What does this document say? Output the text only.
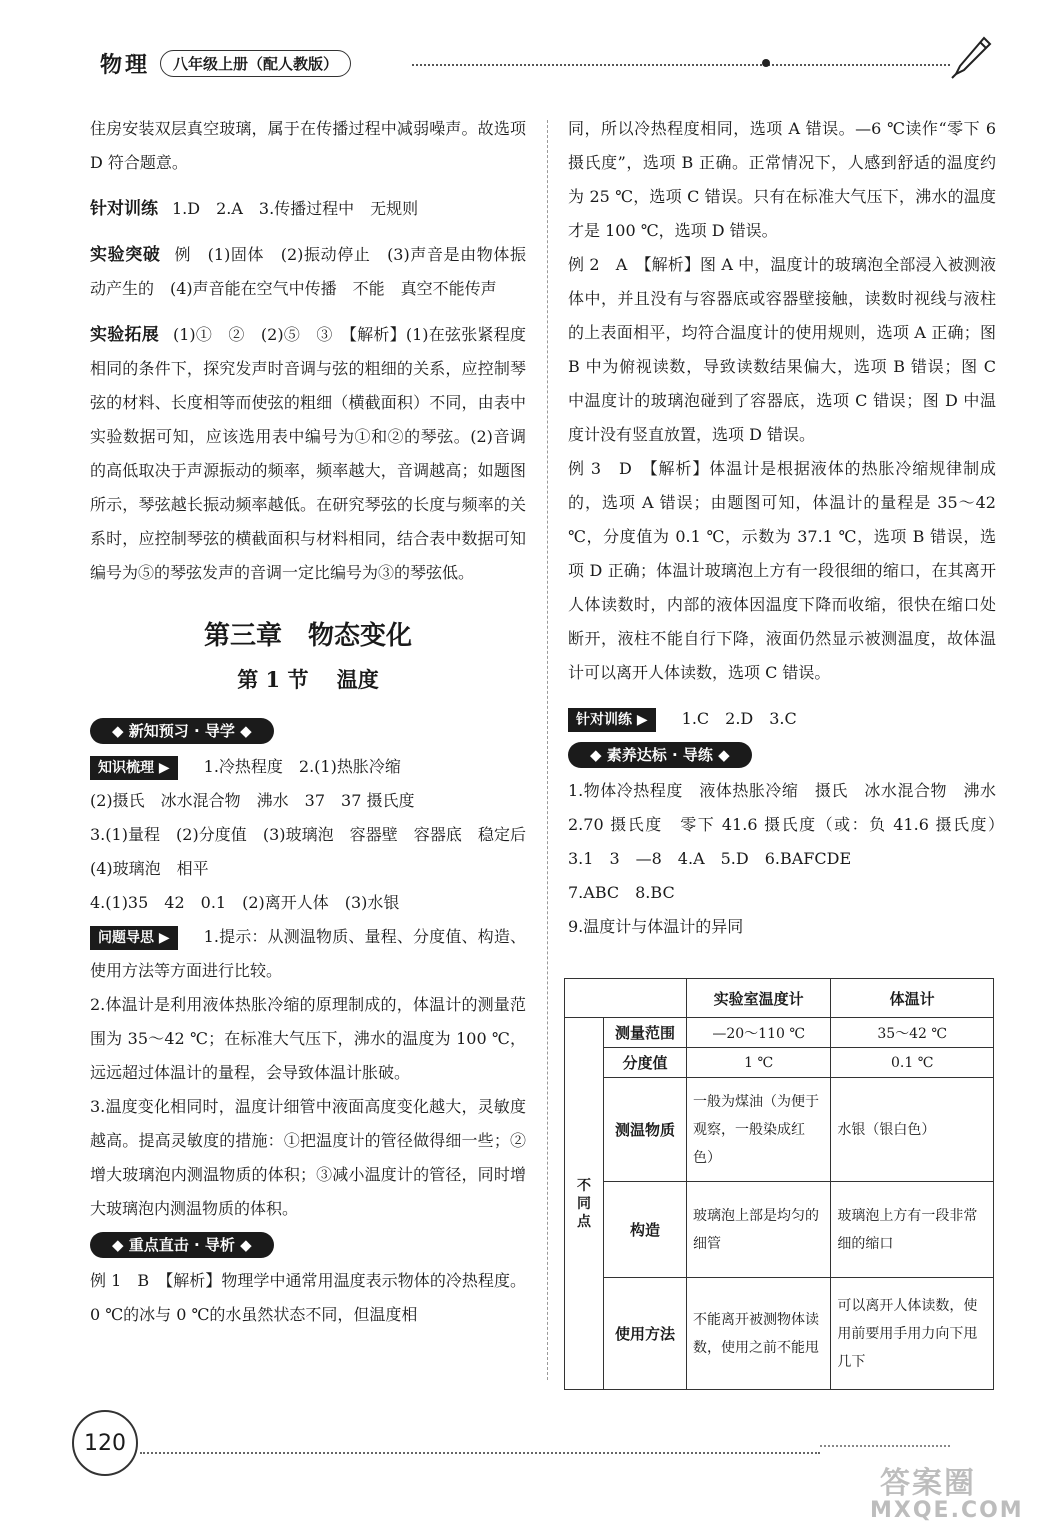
物理	八年级上册（配人教版）

住房安装双层真空玻璃，属于在传播过程中减弱噪声。故选项 D 符合题意。

针对训练 1.D　2.A　3.传播过程中　无规则

实验突破 例　(1)固体　(2)振动停止　(3)声音是由物体振动产生的　(4)声音能在空气中传播　不能　真空不能传声

实验拓展 (1)①　②　(2)⑤　③　【解析】(1)在弦张紧程度相同的条件下，探究发声时音调与弦的粗细的关系，应控制琴弦的材料、长度相等而使弦的粗细（横截面积）不同，由表中实验数据可知，应该选用表中编号为①和②的琴弦。(2)音调的高低取决于声源振动的频率，频率越大，音调越高；如题图所示，琴弦越长振动频率越低。在研究琴弦的长度与频率的关系时，应控制琴弦的横截面积与材料相同，结合表中数据可知编号为⑤的琴弦发声的音调一定比编号为③的琴弦低。

第三章　物态变化
第 1 节　 温度
◆ 新知预习 · 导学 ◆

知识梳理 ▶ 1.冷热程度　2.(1)热胀冷缩

(2)摄氏　冰水混合物　沸水　37　37 摄氏度

3.(1)量程　(2)分度值　(3)玻璃泡　容器壁　容器底　稳定后　(4)玻璃泡　相平

4.(1)35　42　0.1　(2)离开人体　(3)水银

问题导思 ▶ 1.提示：从测温物质、量程、分度值、构造、使用方法等方面进行比较。

2.体温计是利用液体热胀冷缩的原理制成的，体温计的测量范围为 35～42 ℃；在标准大气压下，沸水的温度为 100 ℃，远远超过体温计的量程，会导致体温计胀破。

3.温度变化相同时，温度计细管中液面高度变化越大，灵敏度越高。提高灵敏度的措施：①把温度计的管径做得细一些；②增大玻璃泡内测温物质的体积；③减小温度计的管径，同时增大玻璃泡内测温物质的体积。

◆ 重点直击 · 导析 ◆

例 1　B　【解析】物理学中通常用温度表示物体的冷热程度。0 ℃的冰与 0 ℃的水虽然状态不同，但温度相

同，所以冷热程度相同，选项 A 错误。—6 ℃读作“零下 6 摄氏度”，选项 B 正确。正常情况下，人感到舒适的温度约为 25 ℃，选项 C 错误。只有在标准大气压下，沸水的温度才是 100 ℃，选项 D 错误。

例 2　A　【解析】图 A 中，温度计的玻璃泡全部浸入被测液体中，并且没有与容器底或容器壁接触，读数时视线与液柱的上表面相平，均符合温度计的使用规则，选项 A 正确；图 B 中为俯视读数，导致读数结果偏大，选项 B 错误；图 C 中温度计的玻璃泡碰到了容器底，选项 C 错误；图 D 中温度计没有竖直放置，选项 D 错误。

例 3　D　【解析】体温计是根据液体的热胀冷缩规律制成的，选项 A 错误；由题图可知，体温计的量程是 35～42 ℃，分度值为 0.1 ℃，示数为 37.1 ℃，选项 B 错误，选项 D 正确；体温计玻璃泡上方有一段很细的缩口，在其离开人体读数时，内部的液体因温度下降而收缩，很快在缩口处断开，液柱不能自行下降，液面仍然显示被测温度，故体温计可以离开人体读数，选项 C 错误。

针对训练 ▶ 1.C　2.D　3.C

◆ 素养达标 · 导练 ◆

1.物体冷热程度　液体热胀冷缩　摄氏　冰水混合物　沸水　2.70 摄氏度　零下 41.6 摄氏度（或：负 41.6 摄氏度）　3.1　3　—8　4.A　5.D　6.BAFCDE

7.ABC　8.BC

9.温度计与体温计的异同

		实验室温度计	体温计

不
同
点	测量范围	—20～110 ℃	35～42 ℃
	分度值	1 ℃	0.1 ℃
	测温物质	一般为煤油（为便于观察，一般染成红色）	水银（银白色）
	构造	玻璃泡上部是均匀的细管	玻璃泡上方有一段非常细的缩口
	使用方法	不能离开被测物体读数，使用之前不能甩	可以离开人体读数，使用前要用手用力向下甩几下
120
答案圈
MXQE.COM
